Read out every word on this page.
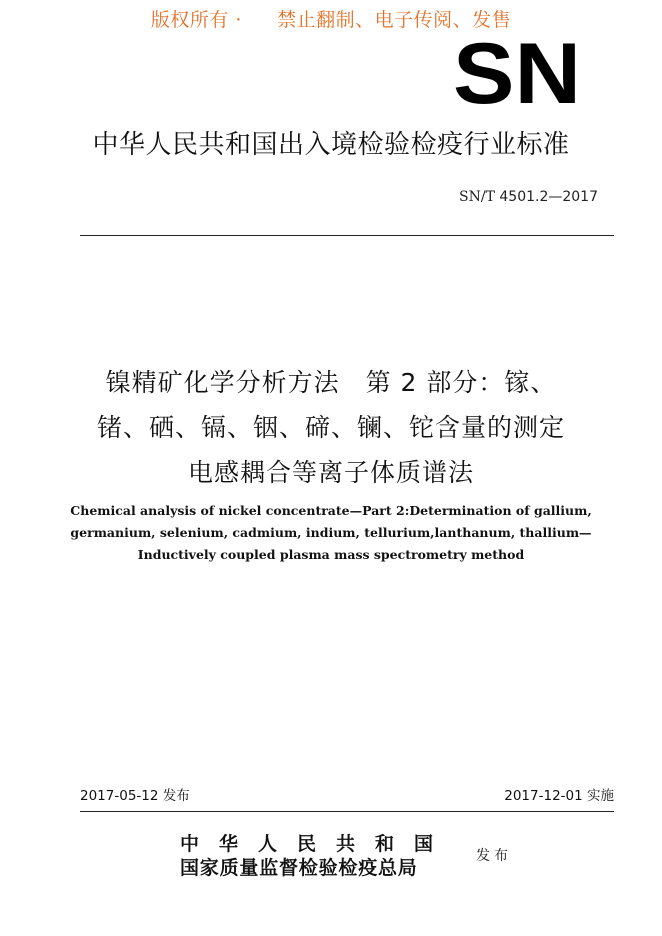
版权所有 · 禁止翻制、电子传阅、发售
SN
中华人民共和国出入境检验检疫行业标准
SN/T 4501.2—2017
镍精矿化学分析方法　第 2 部分：镓、
锗、硒、镉、铟、碲、镧、铊含量的测定
电感耦合等离子体质谱法
Chemical analysis of nickel concentrate—Part 2:Determination of gallium,
germanium, selenium, cadmium, indium, tellurium,lanthanum, thallium—
Inductively coupled plasma mass spectrometry method
2017-05-12 发布	2017-12-01 实施
中华人民共和国
国家质量监督检验检疫总局
发布
